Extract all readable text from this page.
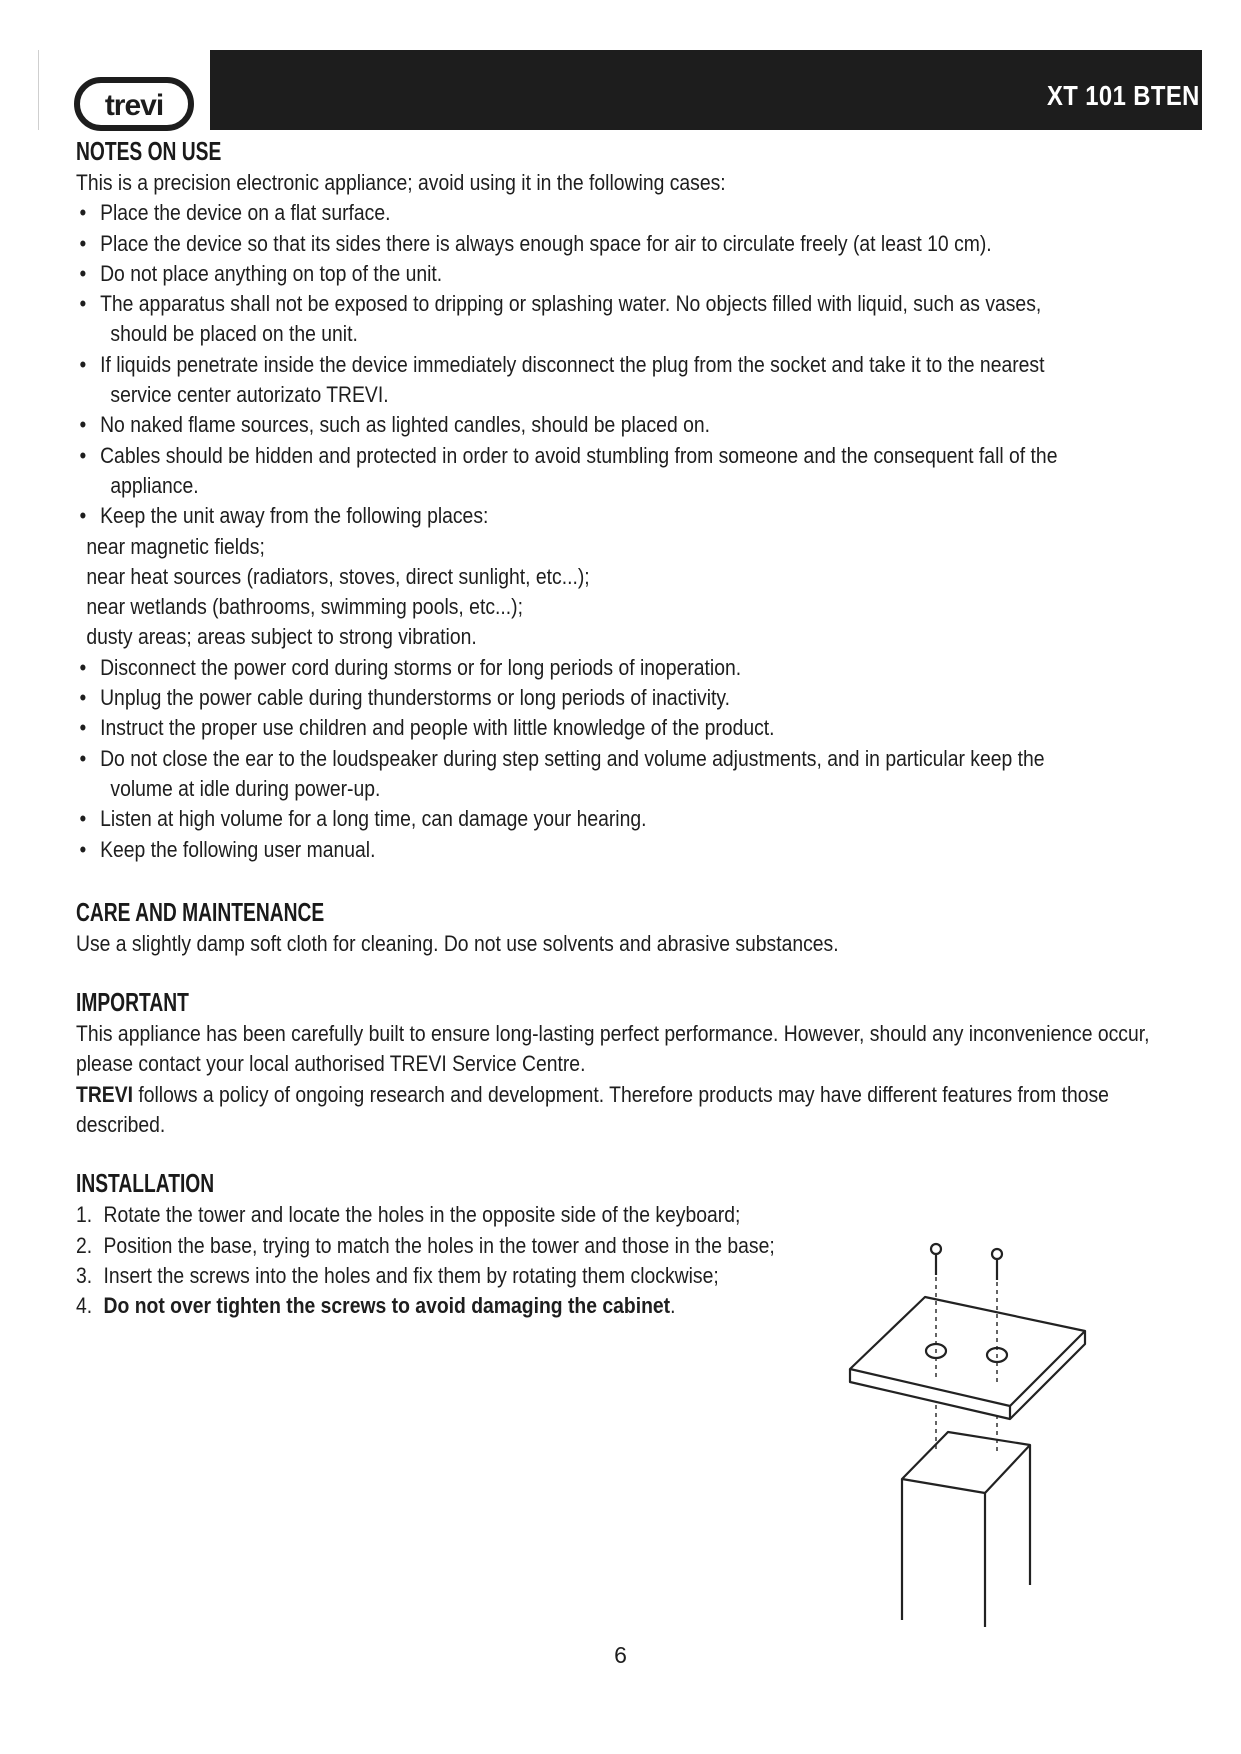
trevi	XT 101 BTEN
NOTES ON USE

This is a precision electronic appliance; avoid using it in the following cases:

• Place the device on a flat surface.
• Place the device so that its sides there is always enough space for air to circulate freely (at least 10 cm).
• Do not place anything on top of the unit.
• The apparatus shall not be exposed to dripping or splashing water. No objects filled with liquid, such as vases,
should be placed on the unit.
• If liquids penetrate inside the device immediately disconnect the plug from the socket and take it to the nearest
service center autorizato TREVI.
• No naked flame sources, such as lighted candles, should be placed on.
• Cables should be hidden and protected in order to avoid stumbling from someone and the consequent fall of the
appliance.
• Keep the unit away from the following places:

near magnetic fields;

near heat sources (radiators, stoves, direct sunlight, etc...);

near wetlands (bathrooms, swimming pools, etc...);

dusty areas; areas subject to strong vibration.

• Disconnect the power cord during storms or for long periods of inoperation.
• Unplug the power cable during thunderstorms or long periods of inactivity.
• Instruct the proper use children and people with little knowledge of the product.
• Do not close the ear to the loudspeaker during step setting and volume adjustments, and in particular keep the
volume at idle during power-up.
• Listen at high volume for a long time, can damage your hearing.
• Keep the following user manual.
CARE AND MAINTENANCE

Use a slightly damp soft cloth for cleaning. Do not use solvents and abrasive substances.

IMPORTANT

This appliance has been carefully built to ensure long-lasting perfect performance. However, should any inconvenience occur, please contact your local authorised TREVI Service Centre.

TREVI follows a policy of ongoing research and development. Therefore products may have different features from those described.

INSTALLATION
1. Rotate the tower and locate the holes in the opposite side of the keyboard;
2. Position the base, trying to match the holes in the tower and those in the base;
3. Insert the screws into the holes and fix them by rotating them clockwise;
4. Do not over tighten the screws to avoid damaging the cabinet.
6
